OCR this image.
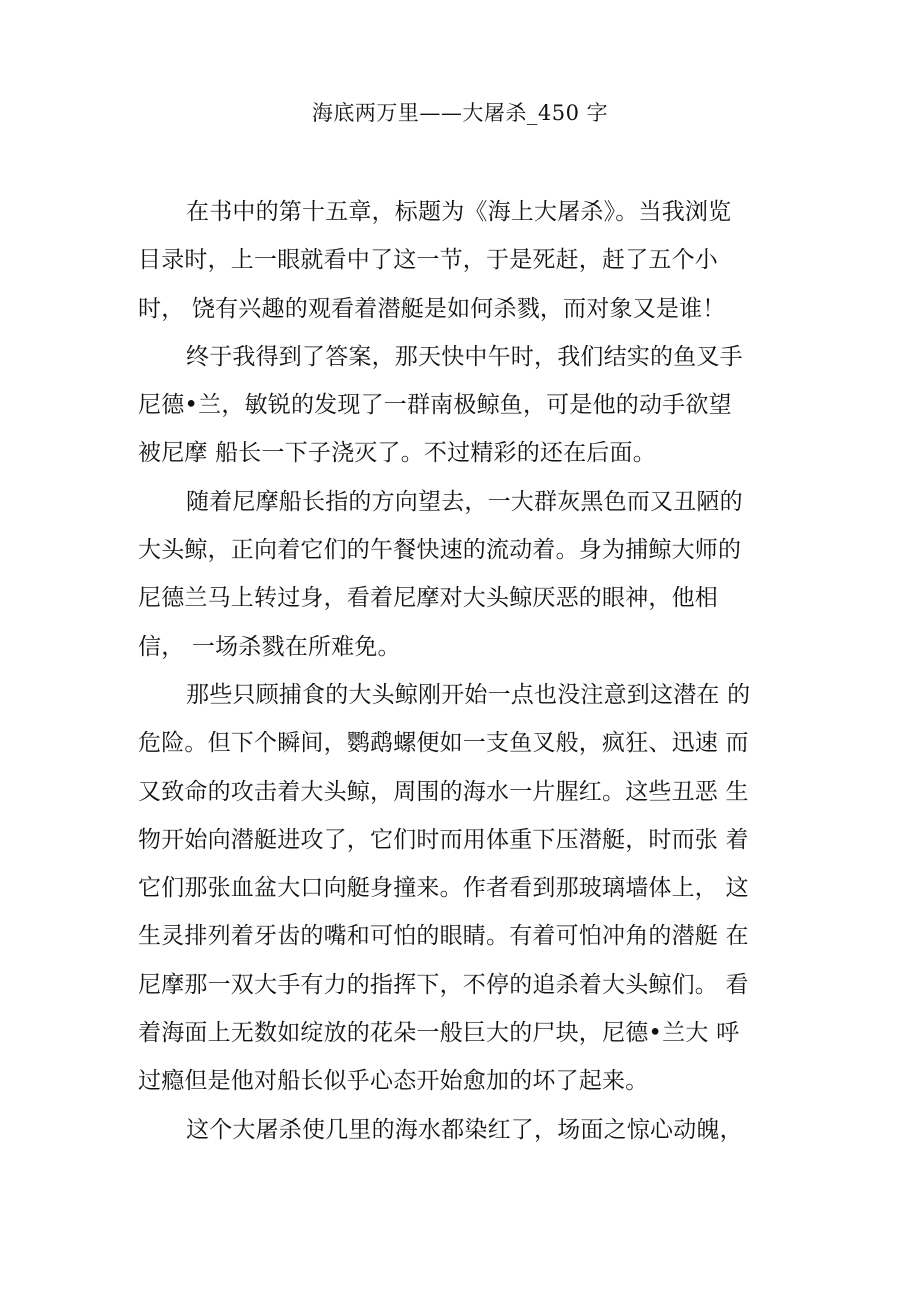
海底两万里——大屠杀_450 字
在书中的第十五章，标题为《海上大屠杀》。当我浏览
目录时，上一眼就看中了这一节，于是死赶，赶了五个小
时， 饶有兴趣的观看着潜艇是如何杀戮，而对象又是谁！
终于我得到了答案，那天快中午时，我们结实的鱼叉手
尼德•兰，敏锐的发现了一群南极鲸鱼，可是他的动手欲望
被尼摩 船长一下子浇灭了。不过精彩的还在后面。
随着尼摩船长指的方向望去，一大群灰黑色而又丑陋的
大头鲸，正向着它们的午餐快速的流动着。身为捕鲸大师的
尼德兰马上转过身，看着尼摩对大头鲸厌恶的眼神，他相
信， 一场杀戮在所难免。
那些只顾捕食的大头鲸刚开始一点也没注意到这潜在 的
危险。但下个瞬间，鹦鹉螺便如一支鱼叉般，疯狂、迅速 而
又致命的攻击着大头鲸，周围的海水一片腥红。这些丑恶 生
物开始向潜艇进攻了，它们时而用体重下压潜艇，时而张 着
它们那张血盆大口向艇身撞来。作者看到那玻璃墙体上， 这
生灵排列着牙齿的嘴和可怕的眼睛。有着可怕冲角的潜艇 在
尼摩那一双大手有力的指挥下，不停的追杀着大头鲸们。 看
着海面上无数如绽放的花朵一般巨大的尸块，尼德•兰大 呼
过瘾但是他对船长似乎心态开始愈加的坏了起来。
这个大屠杀使几里的海水都染红了，场面之惊心动魄，
